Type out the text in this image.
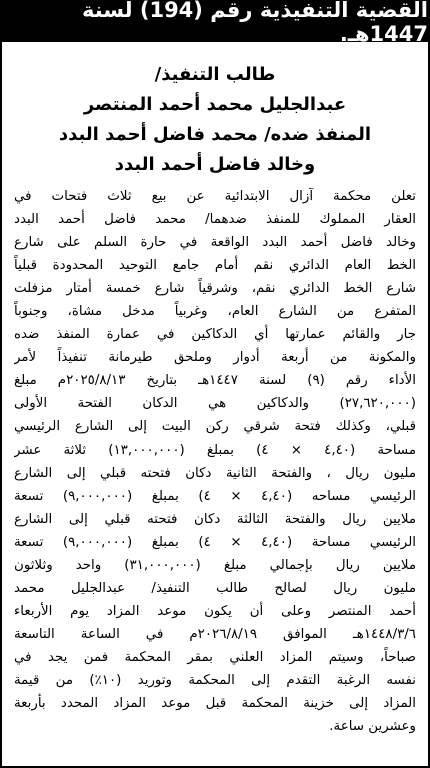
القضية التنفيذية رقم (194) لسنة 1447هـ.
طالب التنفيذ/
عبدالجليل محمد أحمد المنتصر
المنفذ ضده/ محمد فاضل أحمد البدد
وخالد فاضل أحمد البدد
تعلن محكمة آزال الابتدائية عن بيع ثلاث فتحات في
العقار المملوك للمنفذ ضدهما/ محمد فاضل أحمد البدد
وخالد فاضل أحمد البدد الواقعة في حارة السلم على شارع
الخط العام الدائري نقم أمام جامع التوحيد المحدودة قبلياً
شارع الخط الدائري نقم، وشرقياً شارع خمسة أمتار مزفلت
المتفرع من الشارع العام، وغربياً مدخل مشاة، وجنوباً
جار والقائم عمارتها أي الدكاكين في عمارة المنفذ ضده
والمكونة من أربعة أدوار وملحق طيرمانة تنفيذاً لأمر
الأداء رقم (٩) لسنة ١٤٤٧هـ بتاريخ ٢٠٢٥/٨/١٣م مبلغ
(٢٧,٦٢٠,٠٠٠) والدكاكين هي الدكان الفتحة الأولى
قبلي، وكذلك فتحة شرقي ركن البيت إلى الشارع الرئيسي
مساحة (٤,٤٠ × ٤) بمبلغ (١٣,٠٠٠,٠٠٠) ثلاثة عشر
مليون ريال ، والفتحة الثانية دكان فتحته قبلي إلى الشارع
الرئيسي مساحه (٤,٤٠ × ٤) بمبلغ (٩,٠٠٠,٠٠٠) تسعة
ملايين ريال والفتحة الثالثة دكان فتحته قبلي إلى الشارع
الرئيسي مساحة (٤,٤٠ × ٤) بمبلغ (٩,٠٠٠,٠٠٠) تسعة
ملايين ريال بإجمالي مبلغ (٣١,٠٠٠,٠٠٠) واحد وثلاثون
مليون ريال لصالح طالب التنفيذ/ عبدالجليل محمد
أحمد المنتصر وعلى أن يكون موعد المزاد يوم الأربعاء
١٤٤٨/٣/٦هـ الموافق ٢٠٢٦/٨/١٩م في الساعة التاسعة
صباحاً، وسيتم المزاد العلني بمقر المحكمة فمن يجد في
نفسه الرغبة التقدم إلى المحكمة وتوريد (١٠٪) من قيمة
المزاد إلى خزينة المحكمة قبل موعد المزاد المحدد بأربعة
وعشرين ساعة.
